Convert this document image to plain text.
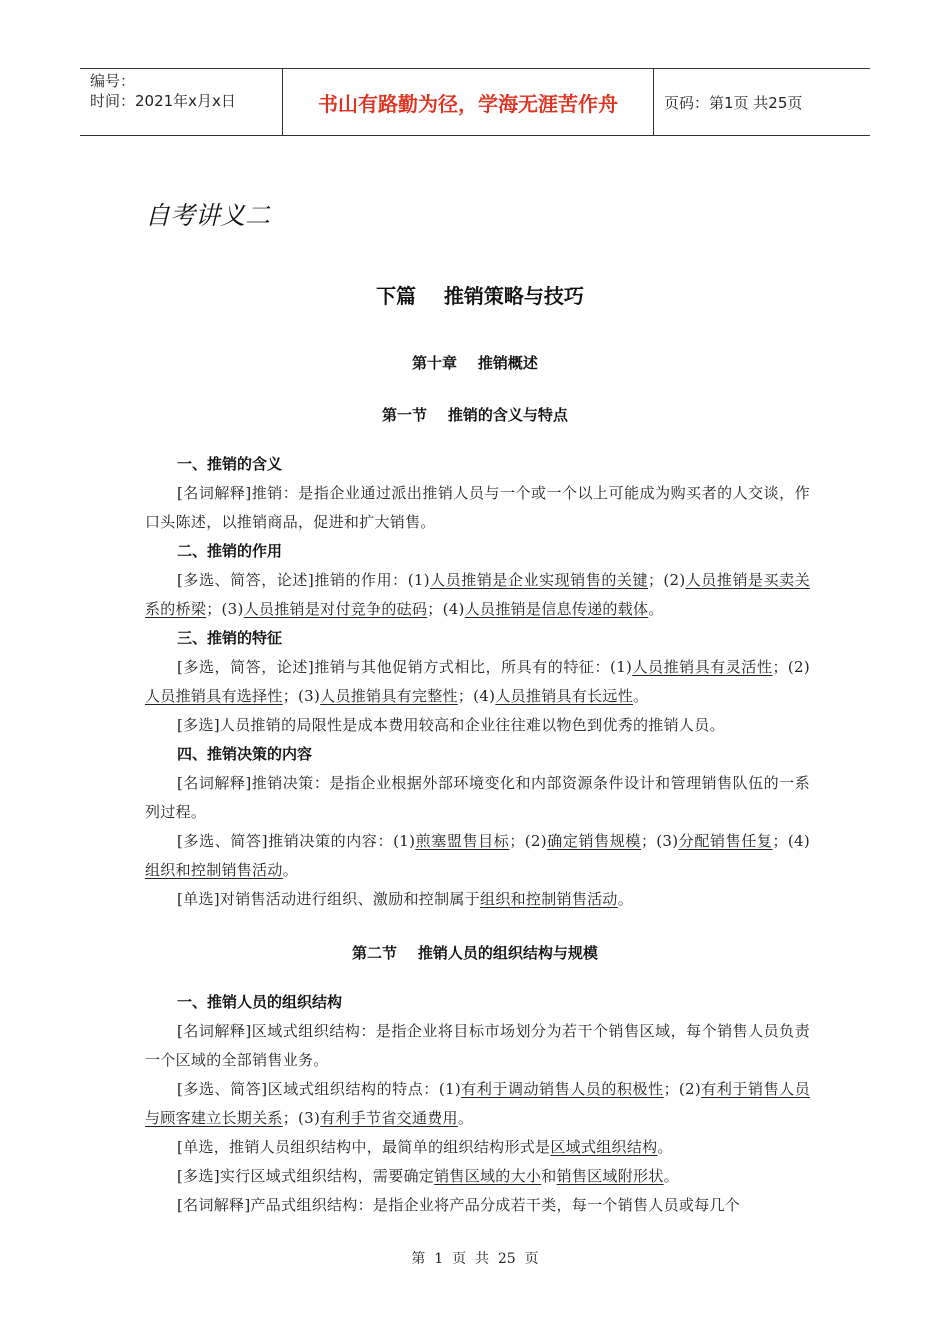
编号：
时间：2021年x月x日	书山有路勤为径，学海无涯苦作舟	页码：第1页 共25页
自考讲义二
下篇    推销策略与技巧
第十章    推销概述
第一节    推销的含义与特点
一、推销的含义
[名词解释]推销：是指企业通过派出推销人员与一个或一个以上可能成为购买者的人交谈，作口头陈述，以推销商品，促进和扩大销售。
二、推销的作用
[多选、简答，论述]推销的作用：(1)人员推销是企业实现销售的关键；(2)人员推销是买卖关系的桥梁；(3)人员推销是对付竞争的砝码；(4)人员推销是信息传递的载体。
三、推销的特征
[多选，简答，论述]推销与其他促销方式相比，所具有的特征：(1)人员推销具有灵活性；(2)人员推销具有选择性；(3)人员推销具有完整性；(4)人员推销具有长远性。
[多选]人员推销的局限性是成本费用较高和企业往往难以物色到优秀的推销人员。
四、推销决策的内容
[名词解释]推销决策：是指企业根据外部环境变化和内部资源条件设计和管理销售队伍的一系列过程。
[多选、简答]推销决策的内容：(1)煎塞盟售目标；(2)确定销售规模；(3)分配销售任复；(4)组织和控制销售活动。
[单选]对销售活动进行组织、激励和控制属于组织和控制销售活动。
第二节    推销人员的组织结构与规模
一、推销人员的组织结构
[名词解释]区域式组织结构：是指企业将目标市场划分为若干个销售区域，每个销售人员负责一个区域的全部销售业务。
[多选、简答]区域式组织结构的特点：(1)有利于调动销售人员的积极性；(2)有利于销售人员与顾客建立长期关系；(3)有利手节省交通费用。
[单选，推销人员组织结构中，最简单的组织结构形式是区域式组织结构。
[多选]实行区域式组织结构，需要确定销售区域的大小和销售区域附形状。
[名词解释]产品式组织结构：是指企业将产品分成若干类，每一个销售人员或每几个
第  1  页  共  25  页
